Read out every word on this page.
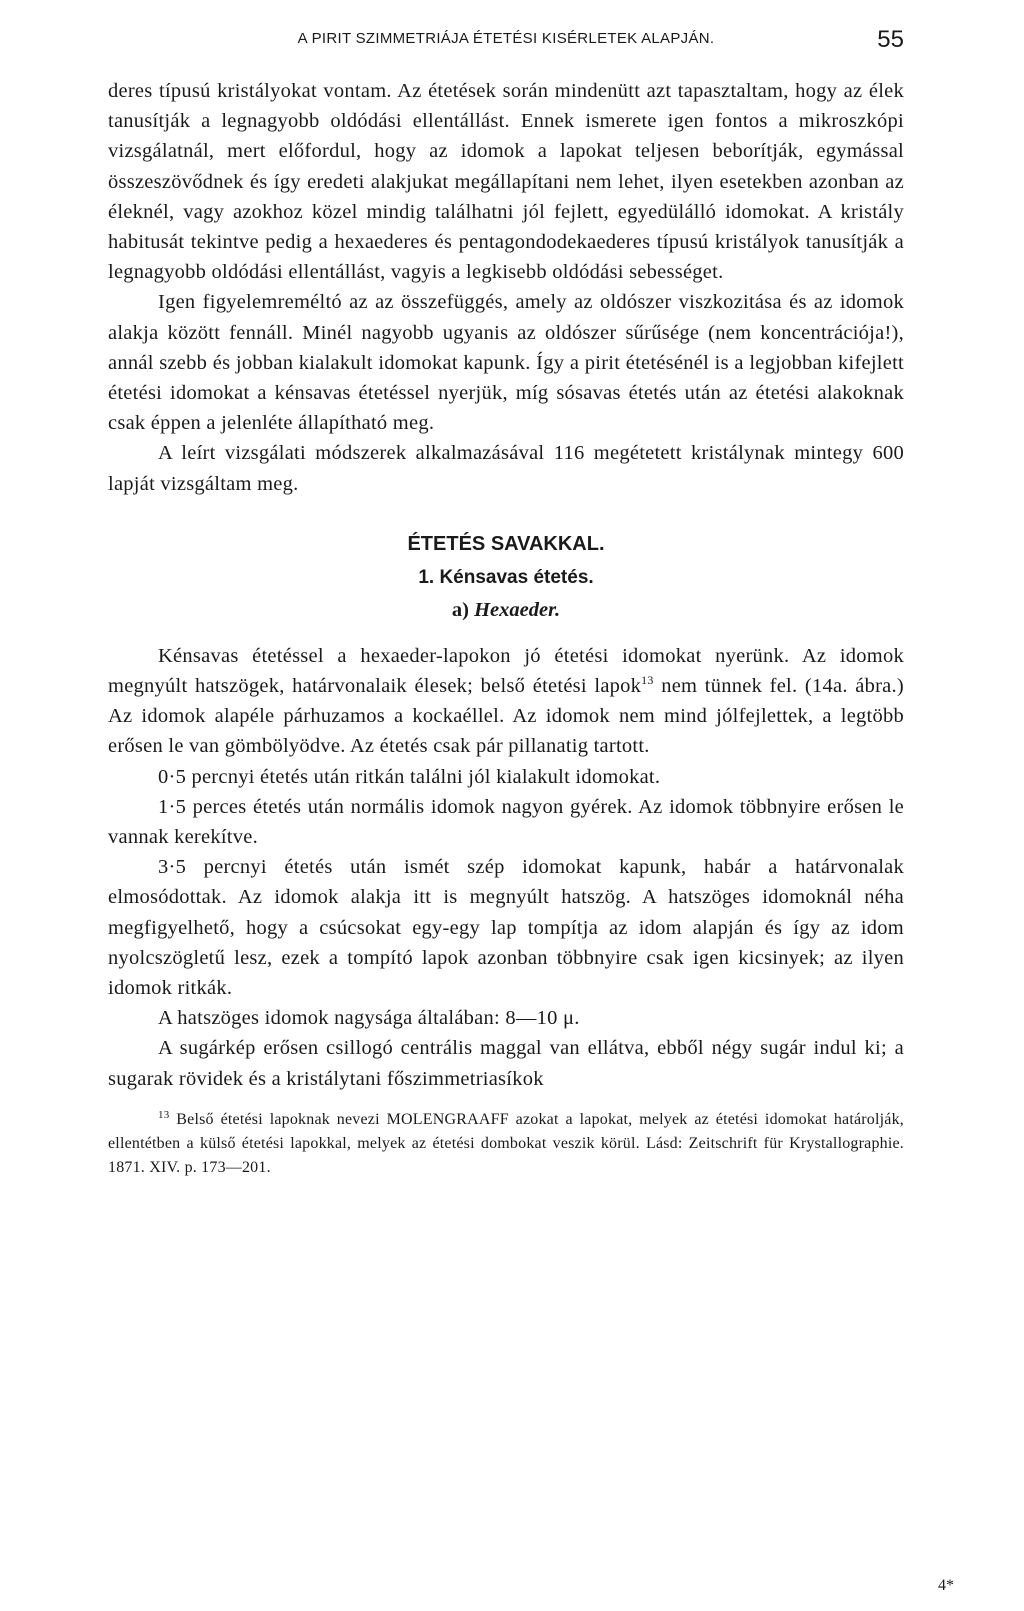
A PIRIT SZIMMETRIÁJA ÉTETÉSI KISÉRLETEK ALAPJÁN.	55

deres típusú kristályokat vontam. Az étetések során mindenütt azt tapasztaltam, hogy az élek tanusítják a legnagyobb oldódási ellentállást. Ennek ismerete igen fontos a mikroszkópi vizsgálatnál, mert előfordul, hogy az idomok a lapokat teljesen beborítják, egymással összeszövődnek és így eredeti alakjukat megállapítani nem lehet, ilyen esetekben azonban az éleknél, vagy azokhoz közel mindig találhatni jól fejlett, egyedülálló idomokat. A kristály habitusát tekintve pedig a hexaederes és pentagondodekaederes típusú kristályok tanusítják a legnagyobb oldódási ellentállást, vagyis a legkisebb oldódási sebességet.

Igen figyelemreméltó az az összefüggés, amely az oldószer viszkozitása és az idomok alakja között fennáll. Minél nagyobb ugyanis az oldószer sűrűsége (nem koncentrációja!), annál szebb és jobban kialakult idomokat kapunk. Így a pirit étetésénél is a legjobban kifejlett étetési idomokat a kénsavas étetéssel nyerjük, míg sósavas étetés után az étetési alakoknak csak éppen a jelenléte állapítható meg.

A leírt vizsgálati módszerek alkalmazásával 116 megétetett kristálynak mintegy 600 lapját vizsgáltam meg.

ÉTETÉS SAVAKKAL.
1. Kénsavas étetés.
a) Hexaeder.

Kénsavas étetéssel a hexaeder-lapokon jó étetési idomokat nyerünk. Az idomok megnyúlt hatszögek, határvonalaik élesek; belső étetési lapok$^{13}$ nem tünnek fel. (14a. ábra.) Az idomok alapéle párhuzamos a kockaéllel. Az idomok nem mind jólfejlettek, a legtöbb erősen le van gömbölyödve. Az étetés csak pár pillanatig tartott.

0·5 percnyi étetés után ritkán találni jól kialakult idomokat.

1·5 perces étetés után normális idomok nagyon gyérek. Az idomok többnyire erősen le vannak kerekítve.

3·5 percnyi étetés után ismét szép idomokat kapunk, habár a határvonalak elmosódottak. Az idomok alakja itt is megnyúlt hatszög. A hatszöges idomoknál néha megfigyelhető, hogy a csúcsokat egy-egy lap tompítja az idom alapján és így az idom nyolcszögletű lesz, ezek a tompító lapok azonban többnyire csak igen kicsinyek; az ilyen idomok ritkák.

A hatszöges idomok nagysága általában: 8—10 μ.

A sugárkép erősen csillogó centrális maggal van ellátva, ebből négy sugár indul ki; a sugarak rövidek és a kristálytani főszimmetriasíkok

$^{13}$ Belső étetési lapoknak nevezi MOLENGRAAFF azokat a lapokat, melyek az étetési idomokat határolják, ellentétben a külső étetési lapokkal, melyek az étetési dombokat veszik körül. Lásd: Zeitschrift für Krystallographie. 1871. XIV. p. 173—201.

4*
